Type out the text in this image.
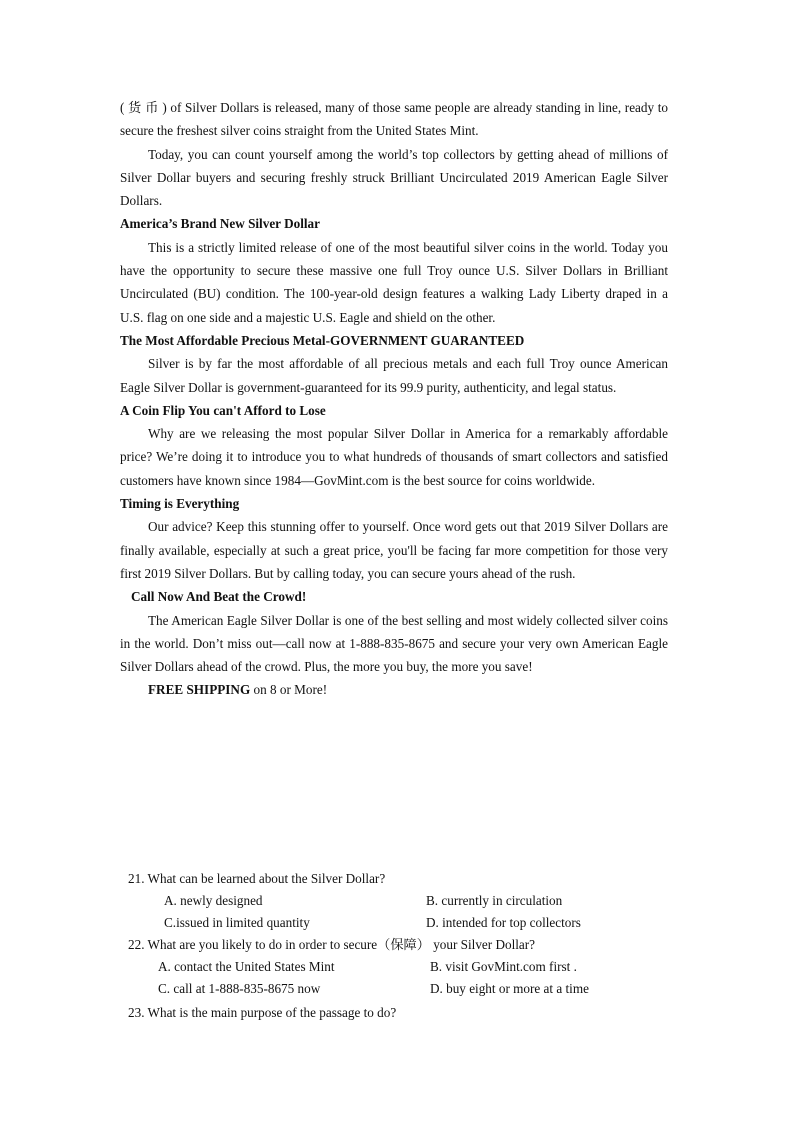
( 货 币 ) of Silver Dollars is released, many of those same people are already standing in line, ready to secure the freshest silver coins straight from the United States Mint.

Today, you can count yourself among the world’s top collectors by getting ahead of millions of Silver Dollar buyers and securing freshly struck Brilliant Uncirculated 2019 American Eagle Silver Dollars.

America’s Brand New Silver Dollar

This is a strictly limited release of one of the most beautiful silver coins in the world. Today you have the opportunity to secure these massive one full Troy ounce U.S. Silver Dollars in Brilliant Uncirculated (BU) condition. The 100-year-old design features a walking Lady Liberty draped in a U.S. flag on one side and a majestic U.S. Eagle and shield on the other.

The Most Affordable Precious Metal-GOVERNMENT GUARANTEED

Silver is by far the most affordable of all precious metals and each full Troy ounce American Eagle Silver Dollar is government-guaranteed for its 99.9 purity, authenticity, and legal status.

A Coin Flip You can't Afford to Lose

Why are we releasing the most popular Silver Dollar in America for a remarkably affordable price? We’re doing it to introduce you to what hundreds of thousands of smart collectors and satisfied customers have known since 1984—GovMint.com is the best source for coins worldwide.

Timing is Everything

Our advice? Keep this stunning offer to yourself. Once word gets out that 2019 Silver Dollars are finally available, especially at such a great price, you'll be facing far more competition for those very first 2019 Silver Dollars. But by calling today, you can secure yours ahead of the rush.

Call Now And Beat the Crowd!

The American Eagle Silver Dollar is one of the best selling and most widely collected silver coins in the world. Don’t miss out—call now at 1-888-835-8675 and secure your very own American Eagle Silver Dollars ahead of the crowd. Plus, the more you buy, the more you save!

FREE SHIPPING on 8 or More!

21. What can be learned about the Silver Dollar?

A. newly designed	B. currently in circulation
C.issued in limited quantity	D. intended for top collectors

22. What are you likely to do in order to secure（保障） your Silver Dollar?

A. contact the United States Mint	B. visit GovMint.com first .
C. call at 1-888-835-8675 now	D. buy eight or more at a time

23. What is the main purpose of the passage to do?
